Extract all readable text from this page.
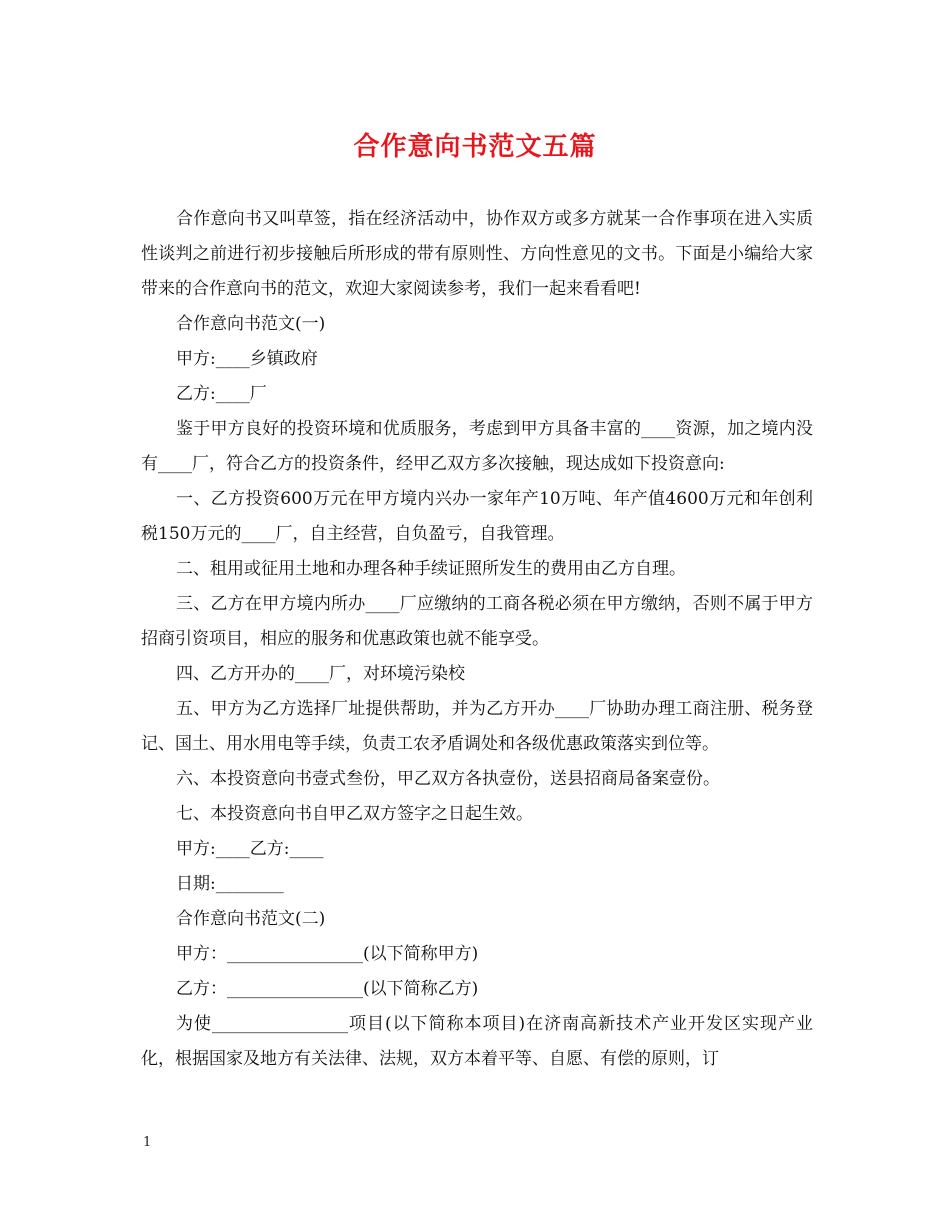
合作意向书范文五篇

合作意向书又叫草签，指在经济活动中，协作双方或多方就某一合作事项在进入实质性谈判之前进行初步接触后所形成的带有原则性、方向性意见的文书。下面是小编给大家带来的合作意向书的范文，欢迎大家阅读参考，我们一起来看看吧!

合作意向书范文(一)

甲方:____乡镇政府

乙方:____厂

鉴于甲方良好的投资环境和优质服务，考虑到甲方具备丰富的____资源，加之境内没有____厂，符合乙方的投资条件，经甲乙双方多次接触，现达成如下投资意向:

一、乙方投资600万元在甲方境内兴办一家年产10万吨、年产值4600万元和年创利税150万元的____厂，自主经营，自负盈亏，自我管理。

二、租用或征用土地和办理各种手续证照所发生的费用由乙方自理。

三、乙方在甲方境内所办____厂应缴纳的工商各税必须在甲方缴纳，否则不属于甲方招商引资项目，相应的服务和优惠政策也就不能享受。

四、乙方开办的____厂，对环境污染校

五、甲方为乙方选择厂址提供帮助，并为乙方开办____厂协助办理工商注册、税务登记、国土、用水用电等手续，负责工农矛盾调处和各级优惠政策落实到位等。

六、本投资意向书壹式叁份，甲乙双方各执壹份，送县招商局备案壹份。

七、本投资意向书自甲乙双方签字之日起生效。

甲方:____乙方:____

日期:________

合作意向书范文(二)

甲方：________________(以下简称甲方)

乙方：________________(以下简称乙方)

为使________________项目(以下简称本项目)在济南高新技术产业开发区实现产业化，根据国家及地方有关法律、法规，双方本着平等、自愿、有偿的原则，订

1
